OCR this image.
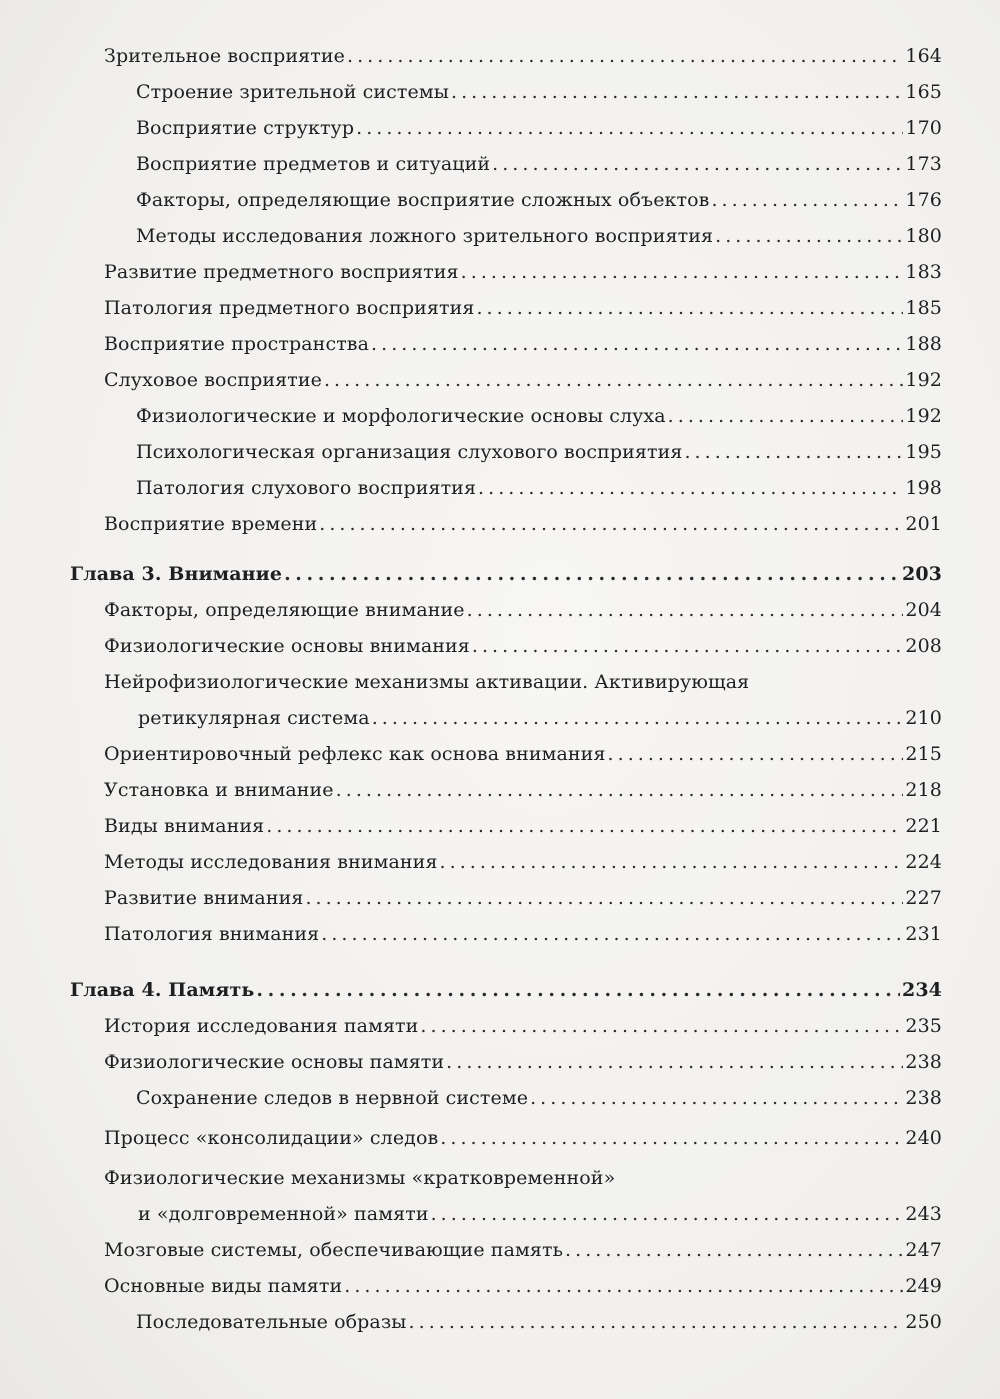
Зрительное восприятие . . .	164
Строение зрительной системы . . .	165
Восприятие структур . . .	170
Восприятие предметов и ситуаций . . .	173
Факторы, определяющие восприятие сложных объектов . . .	176
Методы исследования ложного зрительного восприятия . . .	180
Развитие предметного восприятия . . .	183
Патология предметного восприятия . . .	185
Восприятие пространства . . .	188
Слуховое восприятие . . .	192
Физиологические и морфологические основы слуха . . .	192
Психологическая организация слухового восприятия . . .	195
Патология слухового восприятия . . .	198
Восприятие времени . . .	201
Глава 3. Внимание . . .	203
Факторы, определяющие внимание . . .	204
Физиологические основы внимания . . .	208
Нейрофизиологические механизмы активации. Активирующая
ретикулярная система . . .	210
Ориентировочный рефлекс как основа внимания . . .	215
Установка и внимание . . .	218
Виды внимания . . .	221
Методы исследования внимания . . .	224
Развитие внимания . . .	227
Патология внимания . . .	231
Глава 4. Память . . .	234
История исследования памяти . . .	235
Физиологические основы памяти . . .	238
Сохранение следов в нервной системе . . .	238
Процесс «консолидации» следов . . .	240
Физиологические механизмы «кратковременной»
и «долговременной» памяти . . .	243
Мозговые системы, обеспечивающие память . . .	247
Основные виды памяти . . .	249
Последовательные образы . . .	250
